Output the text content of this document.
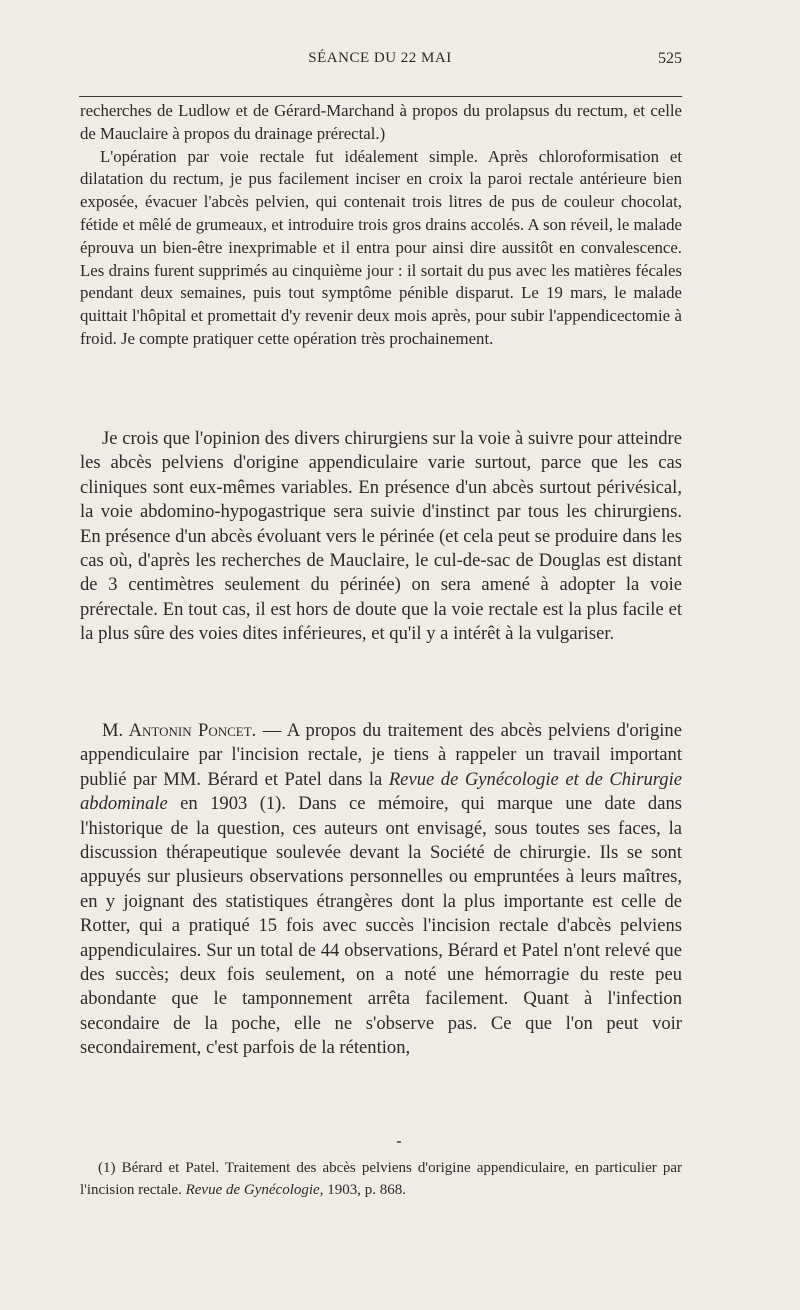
SÉANCE DU 22 MAI	525

recherches de Ludlow et de Gérard-Marchand à propos du prolapsus du rectum, et celle de Mauclaire à propos du drainage prérectal.)

L'opération par voie rectale fut idéalement simple. Après chloroformisation et dilatation du rectum, je pus facilement inciser en croix la paroi rectale antérieure bien exposée, évacuer l'abcès pelvien, qui contenait trois litres de pus de couleur chocolat, fétide et mêlé de grumeaux, et introduire trois gros drains accolés. A son réveil, le malade éprouva un bien-être inexprimable et il entra pour ainsi dire aussitôt en convalescence. Les drains furent supprimés au cinquième jour : il sortait du pus avec les matières fécales pendant deux semaines, puis tout symptôme pénible disparut. Le 19 mars, le malade quittait l'hôpital et promettait d'y revenir deux mois après, pour subir l'appendicectomie à froid. Je compte pratiquer cette opération très prochainement.

Je crois que l'opinion des divers chirurgiens sur la voie à suivre pour atteindre les abcès pelviens d'origine appendiculaire varie surtout, parce que les cas cliniques sont eux-mêmes variables. En présence d'un abcès surtout périvésical, la voie abdomino-hypogastrique sera suivie d'instinct par tous les chirurgiens. En présence d'un abcès évoluant vers le périnée (et cela peut se produire dans les cas où, d'après les recherches de Mauclaire, le cul-de-sac de Douglas est distant de 3 centimètres seulement du périnée) on sera amené à adopter la voie prérectale. En tout cas, il est hors de doute que la voie rectale est la plus facile et la plus sûre des voies dites inférieures, et qu'il y a intérêt à la vulgariser.

M. Antonin Poncet. — A propos du traitement des abcès pelviens d'origine appendiculaire par l'incision rectale, je tiens à rappeler un travail important publié par MM. Bérard et Patel dans la Revue de Gynécologie et de Chirurgie abdominale en 1903 (1). Dans ce mémoire, qui marque une date dans l'historique de la question, ces auteurs ont envisagé, sous toutes ses faces, la discussion thérapeutique soulevée devant la Société de chirurgie. Ils se sont appuyés sur plusieurs observations personnelles ou empruntées à leurs maîtres, en y joignant des statistiques étrangères dont la plus importante est celle de Rotter, qui a pratiqué 15 fois avec succès l'incision rectale d'abcès pelviens appendiculaires. Sur un total de 44 observations, Bérard et Patel n'ont relevé que des succès; deux fois seulement, on a noté une hémorragie du reste peu abondante que le tamponnement arrêta facilement. Quant à l'infection secondaire de la poche, elle ne s'observe pas. Ce que l'on peut voir secondairement, c'est parfois de la rétention,

(1) Bérard et Patel. Traitement des abcès pelviens d'origine appendiculaire, en particulier par l'incision rectale. Revue de Gynécologie, 1903, p. 868.
